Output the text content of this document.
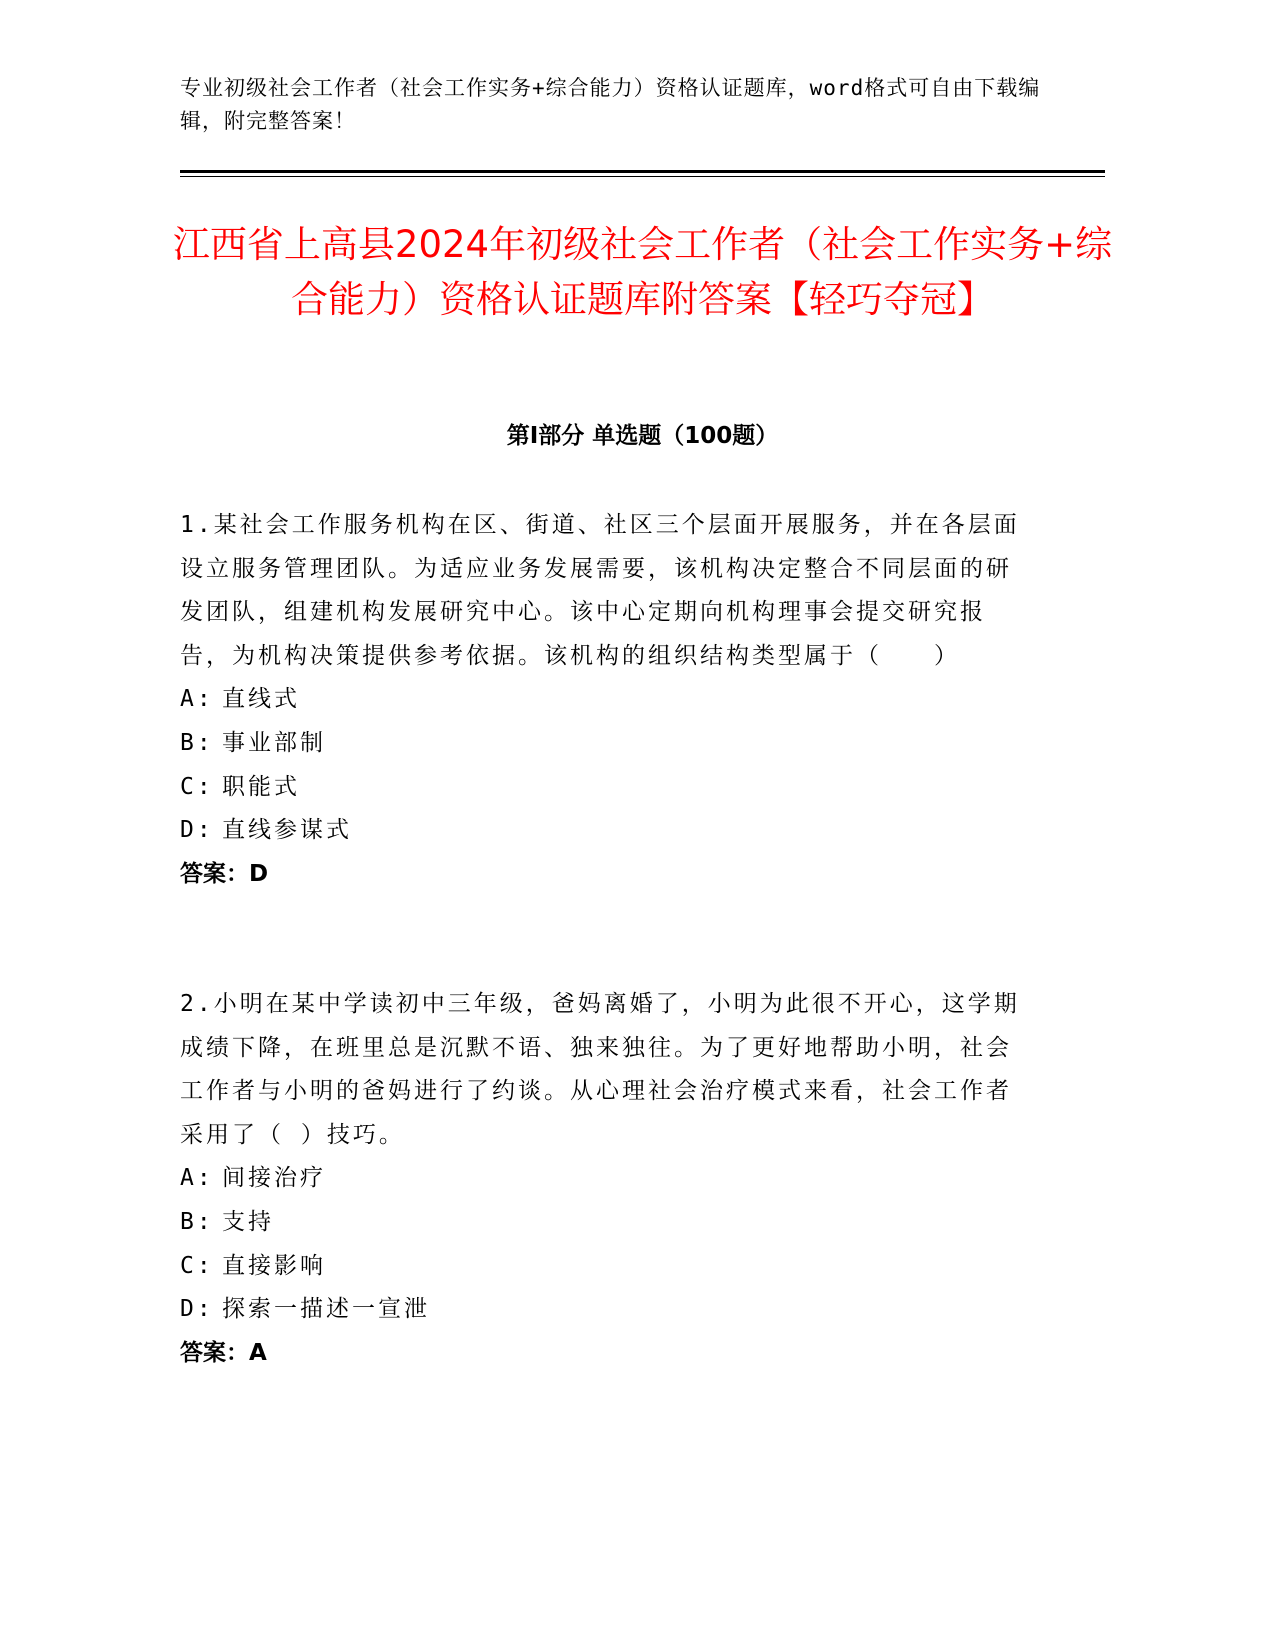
专业初级社会工作者（社会工作实务+综合能力）资格认证题库，word格式可自由下载编辑，附完整答案！
江西省上高县2024年初级社会工作者（社会工作实务+综合能力）资格认证题库附答案【轻巧夺冠】
第Ⅰ部分 单选题（100题）

1.某社会工作服务机构在区、街道、社区三个层面开展服务，并在各层面设立服务管理团队。为适应业务发展需要，该机构决定整合不同层面的研发团队，组建机构发展研究中心。该中心定期向机构理事会提交研究报告，为机构决策提供参考依据。该机构的组织结构类型属于（　　）

A: 直线式
B: 事业部制
C: 职能式
D: 直线参谋式
答案：D

2.小明在某中学读初中三年级，爸妈离婚了，小明为此很不开心，这学期成绩下降，在班里总是沉默不语、独来独往。为了更好地帮助小明，社会工作者与小明的爸妈进行了约谈。从心理社会治疗模式来看，社会工作者采用了（ ）技巧。

A: 间接治疗
B: 支持
C: 直接影响
D: 探索一描述一宣泄
答案：A
